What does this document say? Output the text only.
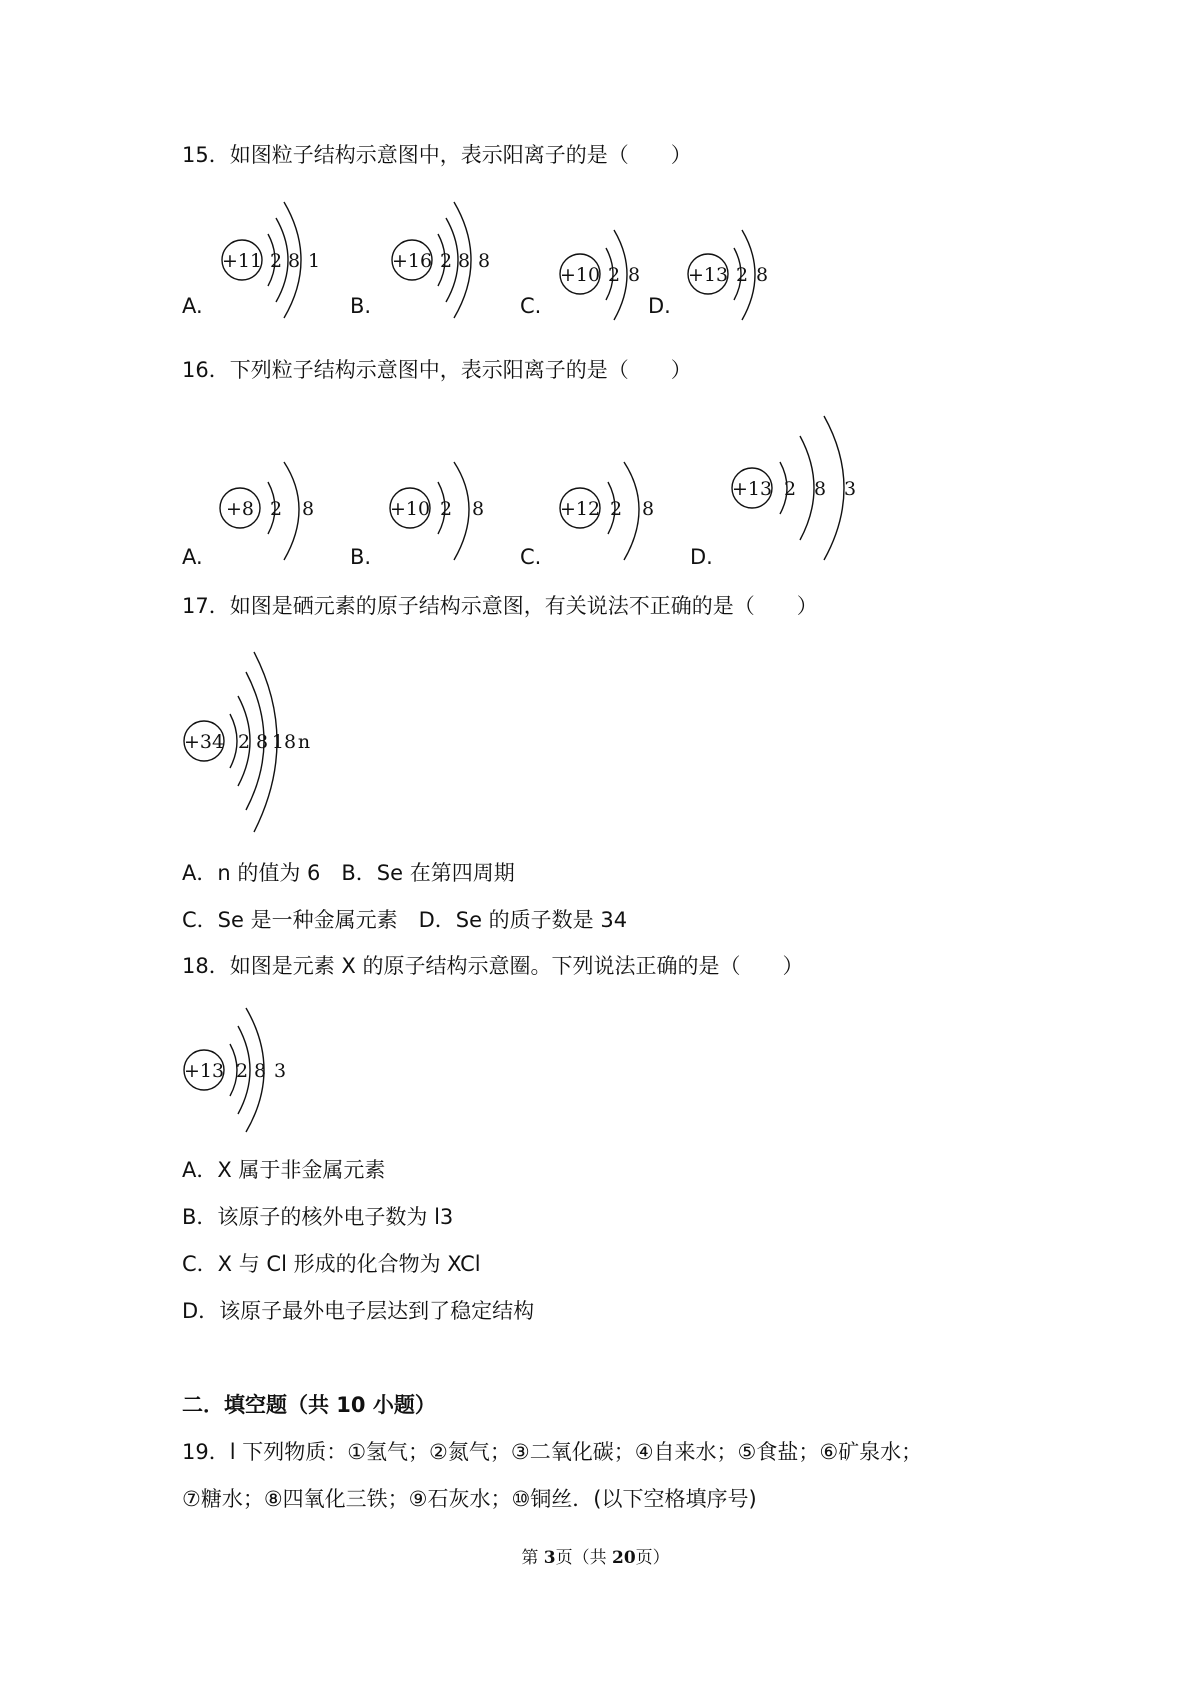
15．如图粒子结构示意图中，表示阳离子的是（　　）
A.
+11 2 8 1
B.
+16 2 8 8
C.
+10 2 8
D.
+13 2 8
16．下列粒子结构示意图中，表示阳离子的是（　　）
A.
+8 2 8
B.
+10 2 8
C.
+12 2 8
D.
+13 2 8 3
17．如图是硒元素的原子结构示意图，有关说法不正确的是（　　）
+34 2 8 18 n
A．n 的值为 6　B．Se 在第四周期
C．Se 是一种金属元素　D．Se 的质子数是 34
18．如图是元素 X 的原子结构示意圈。下列说法正确的是（　　）
+13 2 8 3
A．X 属于非金属元素
B．该原子的核外电子数为 l3
C．X 与 Cl 形成的化合物为 XCl
D．该原子最外电子层达到了稳定结构
二．填空题（共 10 小题）
19．l 下列物质：①氢气；②氮气；③二氧化碳；④自来水；⑤食盐；⑥矿泉水；
⑦糖水；⑧四氧化三铁；⑨石灰水；⑩铜丝．(以下空格填序号)
第 3页（共 20页）
